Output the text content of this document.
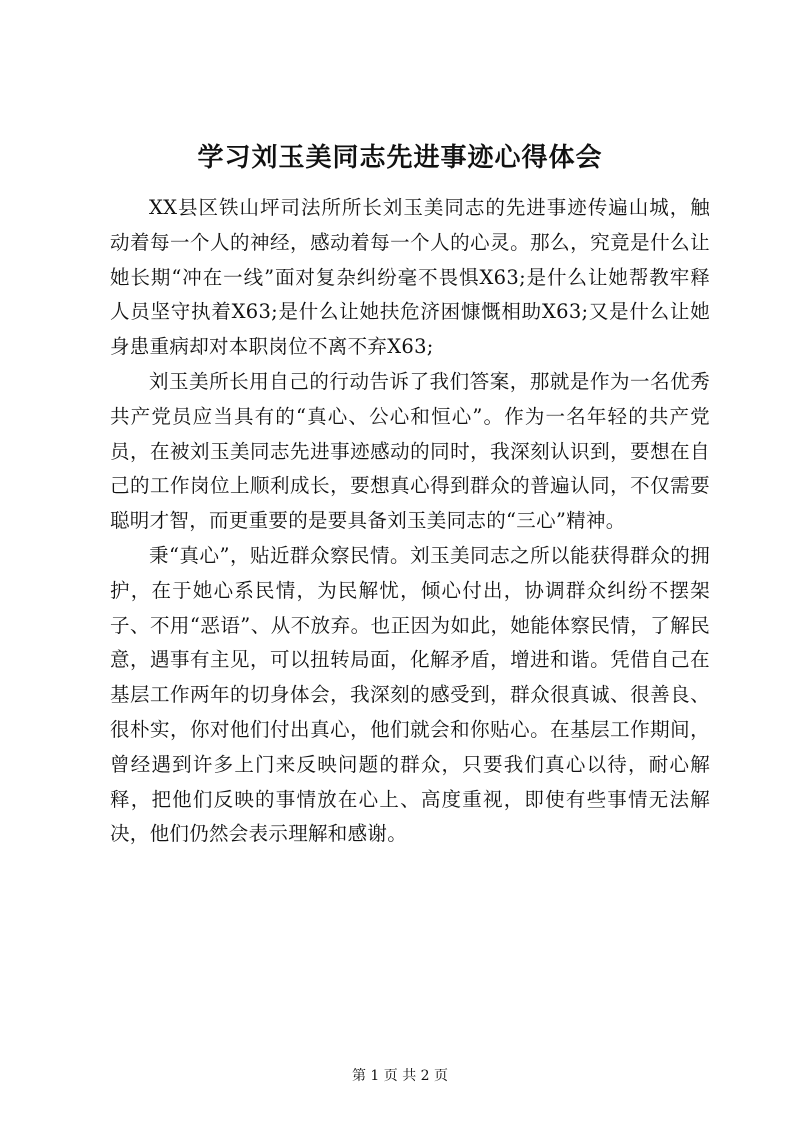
学习刘玉美同志先进事迹心得体会

XX县区铁山坪司法所所长刘玉美同志的先进事迹传遍山城，触动着每一个人的神经，感动着每一个人的心灵。那么，究竟是什么让她长期“冲在一线”面对复杂纠纷毫不畏惧X63;是什么让她帮教牢释人员坚守执着X63;是什么让她扶危济困慷慨相助X63;又是什么让她身患重病却对本职岗位不离不弃X63;

刘玉美所长用自己的行动告诉了我们答案，那就是作为一名优秀共产党员应当具有的“真心、公心和恒心”。作为一名年轻的共产党员，在被刘玉美同志先进事迹感动的同时，我深刻认识到，要想在自己的工作岗位上顺利成长，要想真心得到群众的普遍认同，不仅需要聪明才智，而更重要的是要具备刘玉美同志的“三心”精神。

秉“真心”，贴近群众察民情。刘玉美同志之所以能获得群众的拥护，在于她心系民情，为民解忧，倾心付出，协调群众纠纷不摆架子、不用“恶语”、从不放弃。也正因为如此，她能体察民情，了解民意，遇事有主见，可以扭转局面，化解矛盾，增进和谐。凭借自己在基层工作两年的切身体会，我深刻的感受到，群众很真诚、很善良、很朴实，你对他们付出真心，他们就会和你贴心。在基层工作期间，曾经遇到许多上门来反映问题的群众，只要我们真心以待，耐心解释，把他们反映的事情放在心上、高度重视，即使有些事情无法解决，他们仍然会表示理解和感谢。

第 1 页 共 2 页
